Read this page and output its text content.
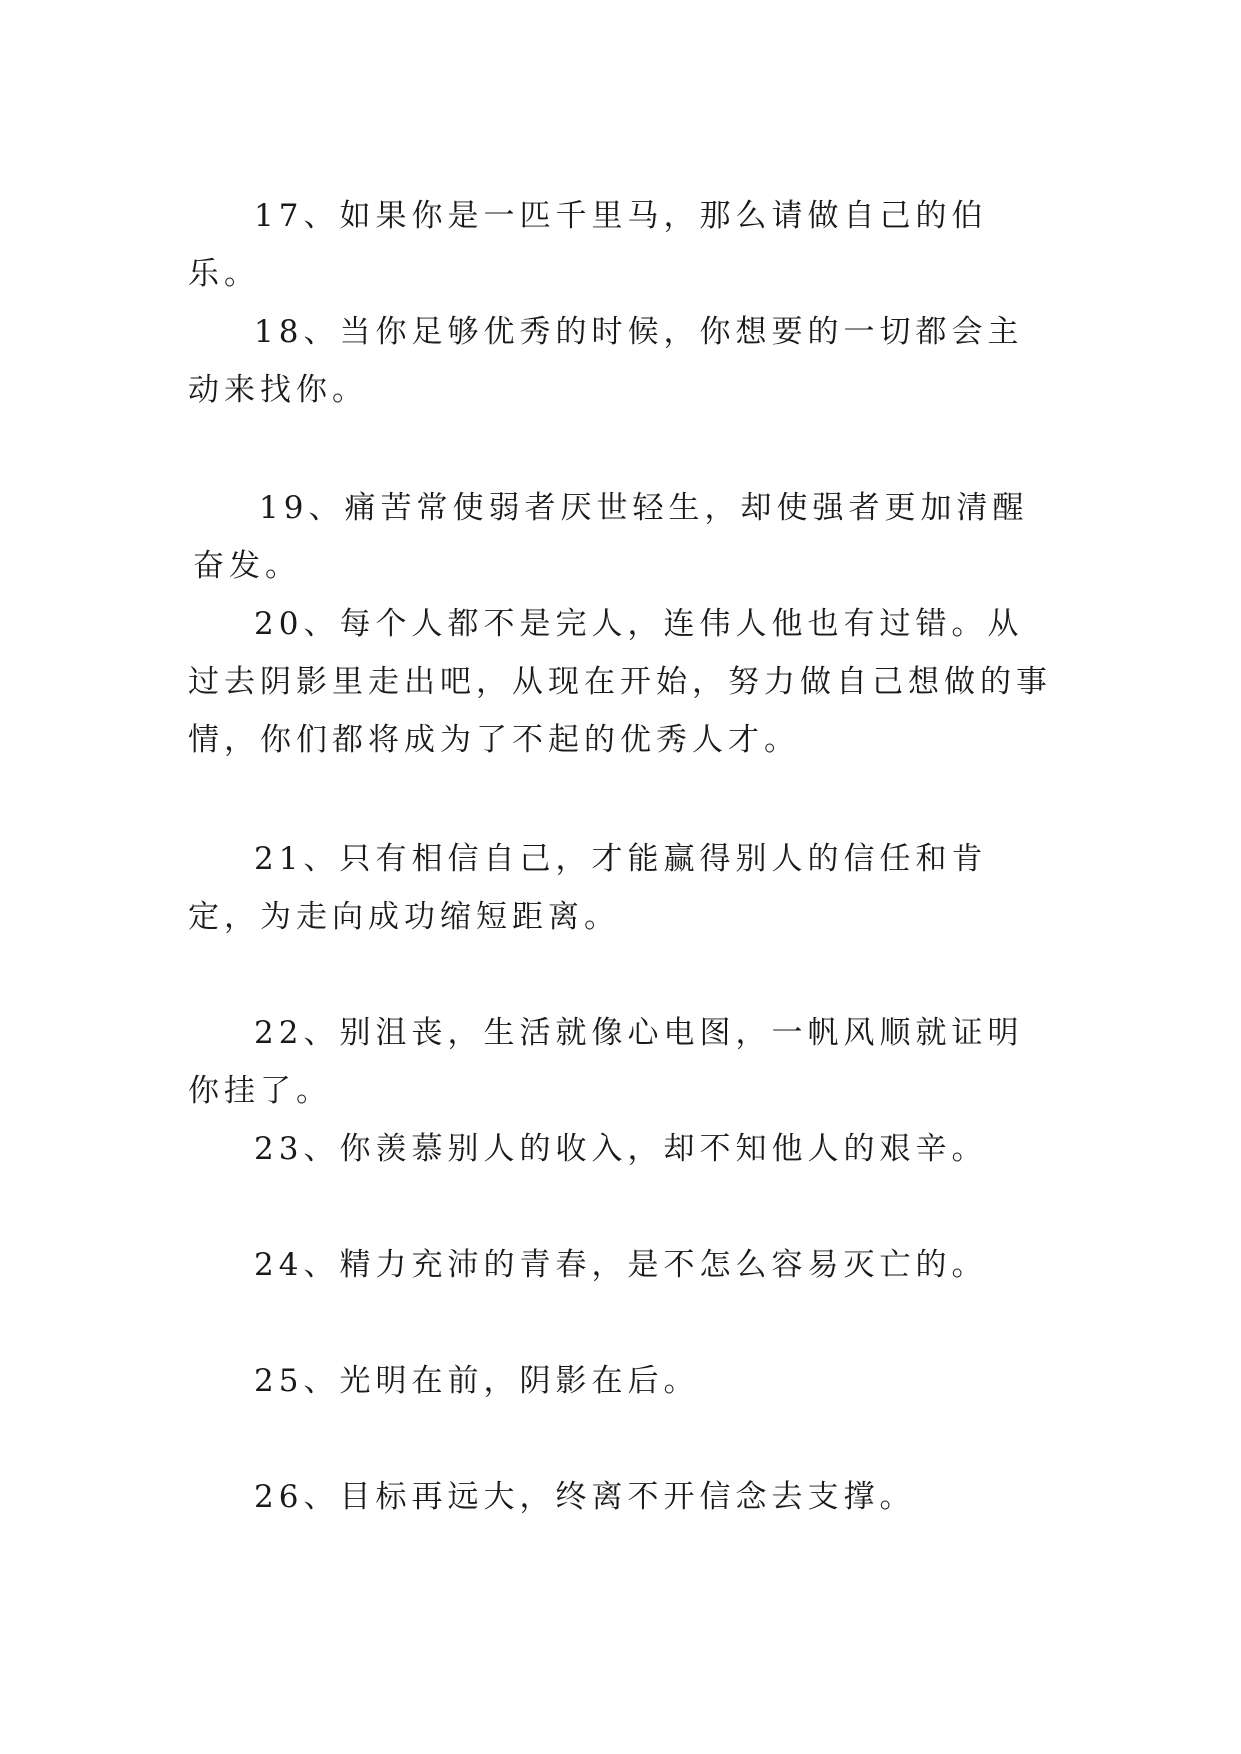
17、如果你是一匹千里马，那么请做自己的伯乐。

18、当你足够优秀的时候，你想要的一切都会主动来找你。

19、痛苦常使弱者厌世轻生，却使强者更加清醒奋发。

20、每个人都不是完人，连伟人他也有过错。从过去阴影里走出吧，从现在开始，努力做自己想做的事情，你们都将成为了不起的优秀人才。

21、只有相信自己，才能赢得别人的信任和肯定，为走向成功缩短距离。

22、别沮丧，生活就像心电图，一帆风顺就证明你挂了。

23、你羡慕别人的收入，却不知他人的艰辛。

24、精力充沛的青春，是不怎么容易灭亡的。

25、光明在前，阴影在后。

26、目标再远大，终离不开信念去支撑。
